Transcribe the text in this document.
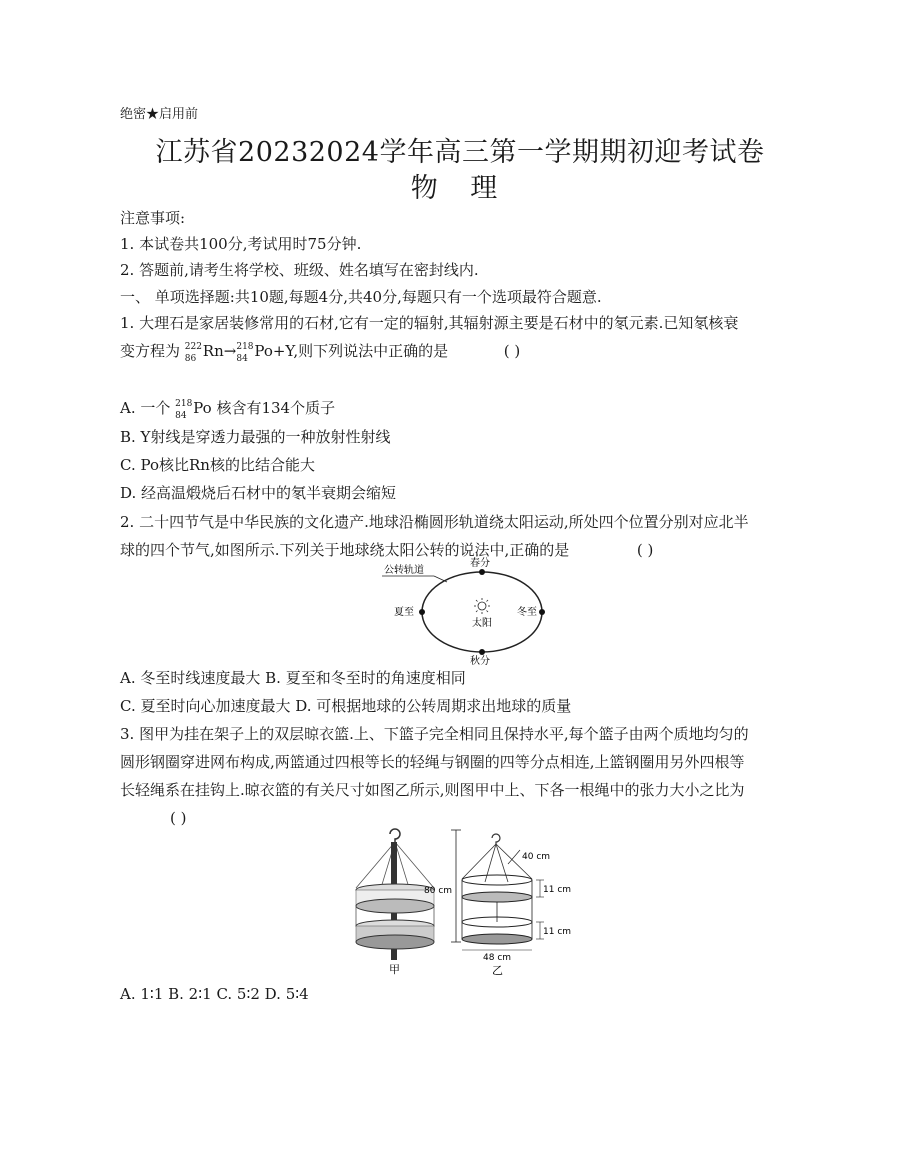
绝密★启用前
江苏省20232024学年高三第一学期期初迎考试卷
物 理
注意事项:
1. 本试卷共100分,考试用时75分钟.
2. 答题前,请考生将学校、班级、姓名填写在密封线内.
一、 单项选择题:共10题,每题4分,共40分,每题只有一个选项最符合题意.
1. 大理石是家居装修常用的石材,它有一定的辐射,其辐射源主要是石材中的氡元素.已知氡核衰
变方程为 222
86 Rn→ 218
84 Po+Y,则下列说法中正确的是	( )
A. 一个 218
84 Po 核含有134个质子
B. Y射线是穿透力最强的一种放射性射线
C. Po核比Rn核的比结合能大
D. 经高温煅烧后石材中的氡半衰期会缩短
2. 二十四节气是中华民族的文化遗产.地球沿椭圆形轨道绕太阳运动,所处四个位置分别对应北半
球的四个节气,如图所示.下列关于地球绕太阳公转的说法中,正确的是	( )
公转轨道
春分
夏至	冬至
秋分
太阳
A. 冬至时线速度最大 B. 夏至和冬至时的角速度相同
C. 夏至时向心加速度最大 D. 可根据地球的公转周期求出地球的质量
3. 图甲为挂在架子上的双层晾衣篮.上、下篮子完全相同且保持水平,每个篮子由两个质地均匀的
圆形钢圈穿进网布构成,两篮通过四根等长的轻绳与钢圈的四等分点相连,上篮钢圈用另外四根等
长轻绳系在挂钩上.晾衣篮的有关尺寸如图乙所示,则图甲中上、下各一根绳中的张力大小之比为
( )
甲
80 cm
40 cm
11 cm
11 cm
48 cm
乙
A. 1∶1 B. 2∶1 C. 5∶2 D. 5∶4
